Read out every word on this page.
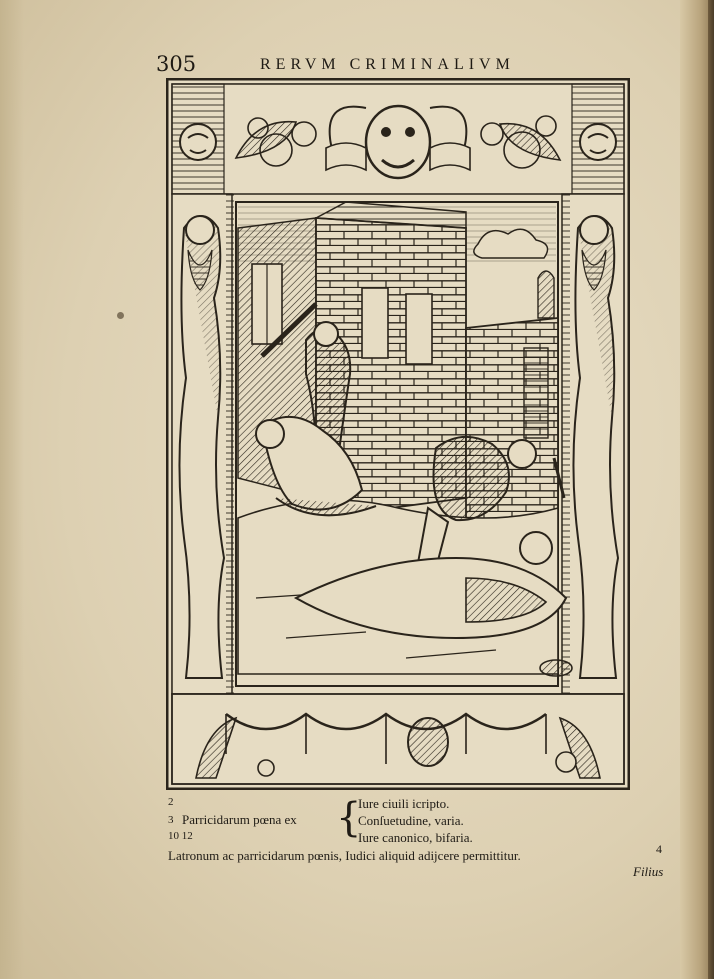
305	RERVM CRIMINALIVM
2
3
10 12
Parricidarum pœna ex {
Iure ciuili icripto.
Conſuetudine, varia.
Iure canonico, bifaria.
Latronum ac parricidarum pœnis, Iudici aliquid adijcere permittitur.	4
Filius
